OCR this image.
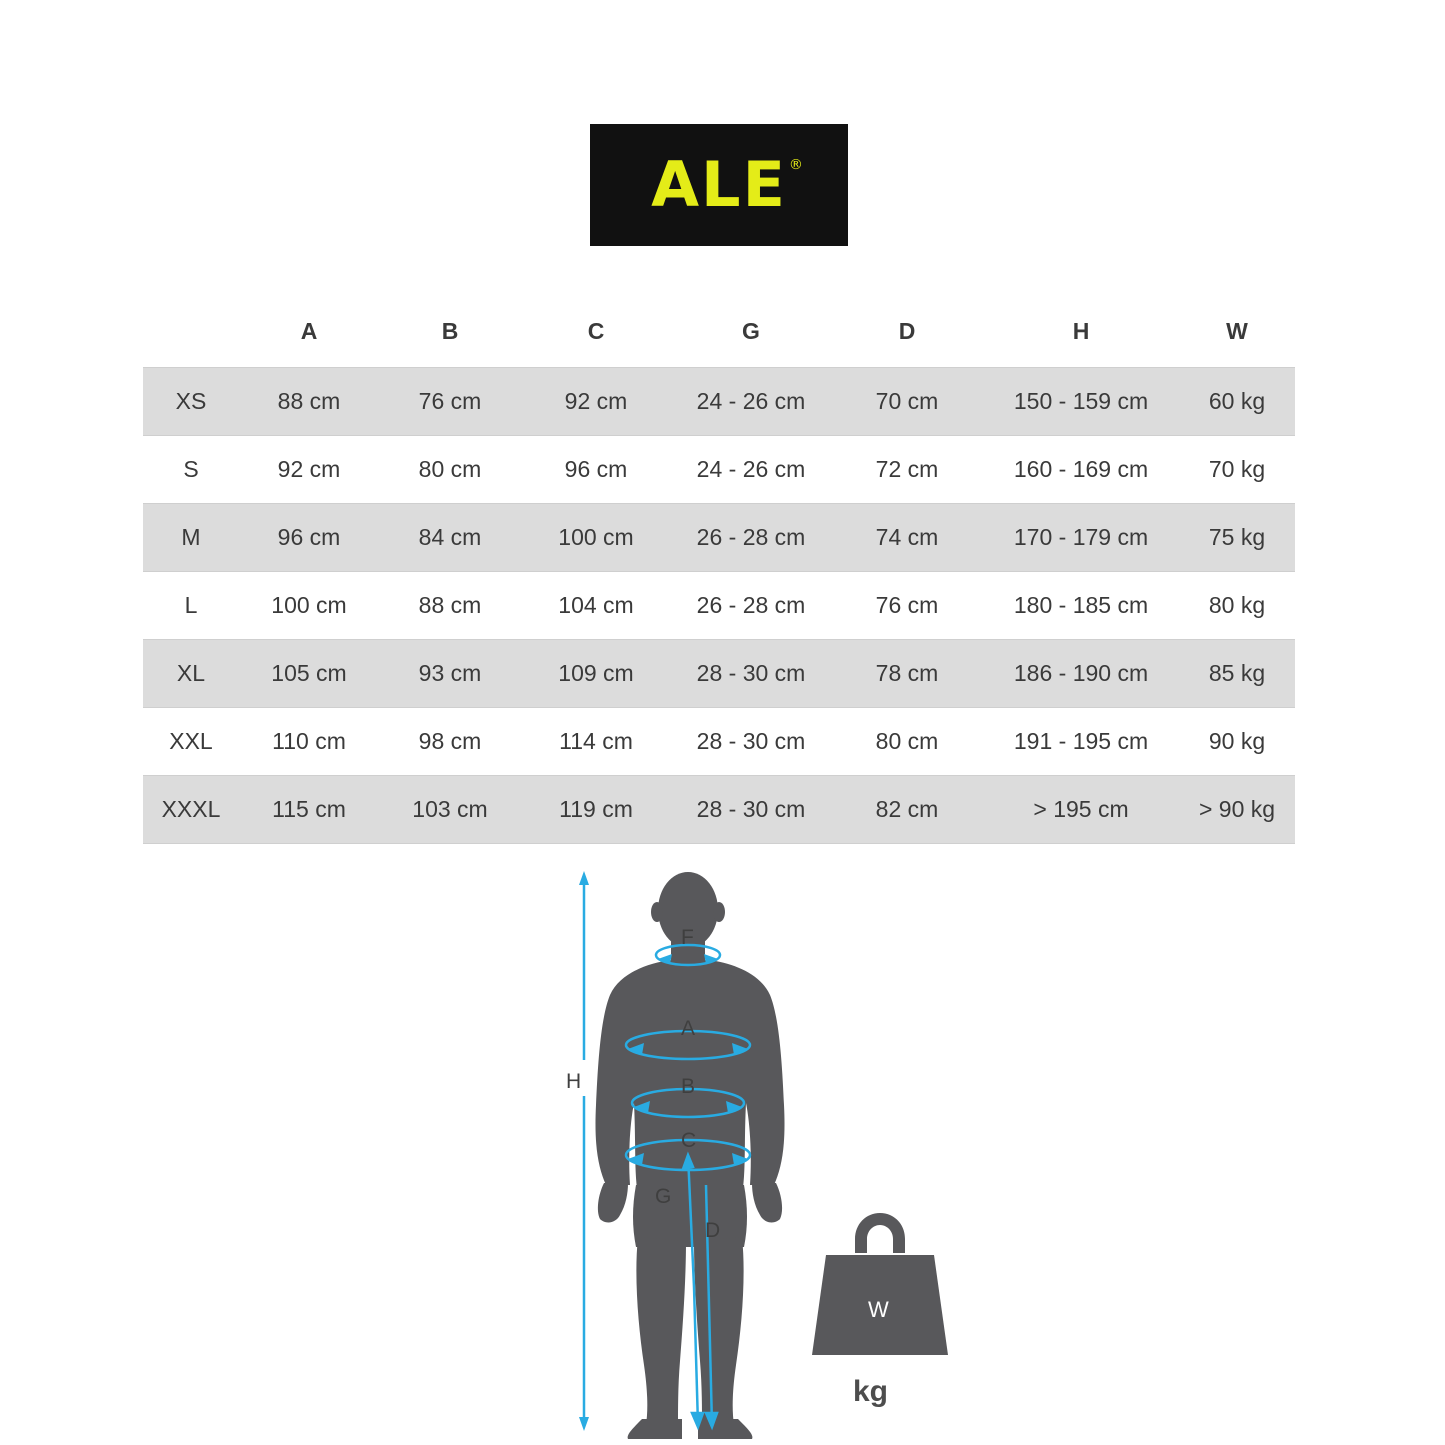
ALE ®
	A	B	C	G	D	H	W
XS	88 cm	76 cm	92 cm	24 - 26 cm	70 cm	150 - 159 cm	60 kg
S	92 cm	80 cm	96 cm	24 - 26 cm	72 cm	160 - 169 cm	70 kg
M	96 cm	84 cm	100 cm	26 - 28 cm	74 cm	170 - 179 cm	75 kg
L	100 cm	88 cm	104 cm	26 - 28 cm	76 cm	180 - 185 cm	80 kg
XL	105 cm	93 cm	109 cm	28 - 30 cm	78 cm	186 - 190 cm	85 kg
XXL	110 cm	98 cm	114 cm	28 - 30 cm	80 cm	191 - 195 cm	90 kg
XXXL	115 cm	103 cm	119 cm	28 - 30 cm	82 cm	> 195 cm	> 90 kg
H
F
A
B
C
G
D
W
kg
